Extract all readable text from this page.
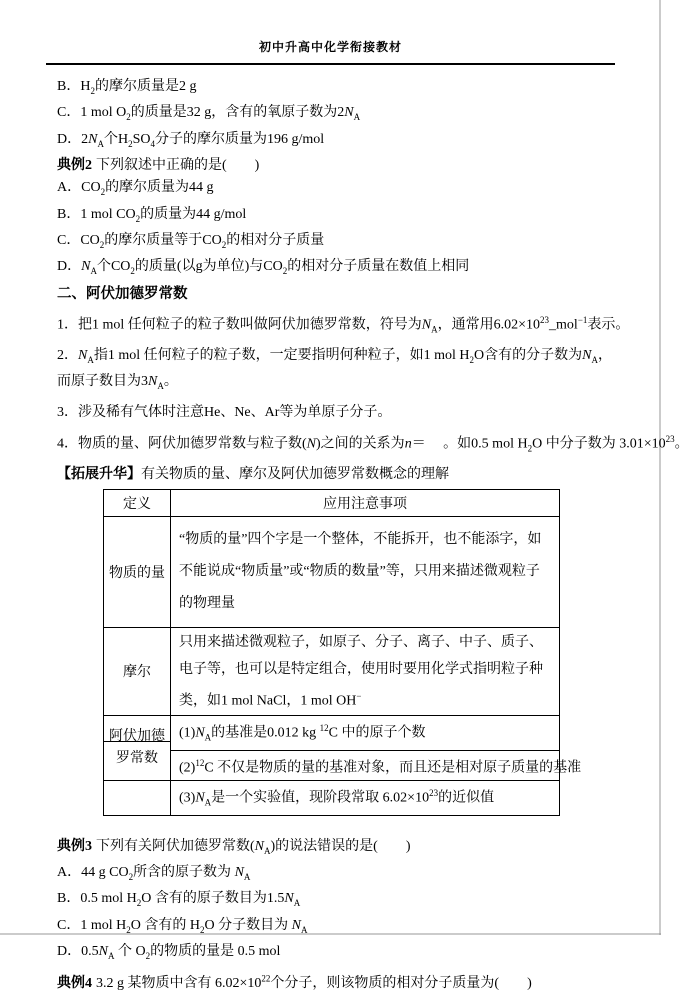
初中升高中化学衔接教材

B．$H_2$的摩尔质量是2 g

C．1 mol $O_2$的质量是32 g，含有的氧原子数为$2N_A$

D．$2N_A$个$H_2SO_4$分子的摩尔质量为196 g/mol

典例2 下列叙述中正确的是(　　)

A．$CO_2$的摩尔质量为44 g

B．1 mol $CO_2$的质量为44 g/mol

C．$CO_2$的摩尔质量等于$CO_2$的相对分子质量

D．$N_A$个$CO_2$的质量(以g为单位)与$CO_2$的相对分子质量在数值上相同

二、阿伏加德罗常数

1．把1 mol 任何粒子的粒子数叫做阿伏加德罗常数，符号为$N_A$，通常用$6.02\times 10^{23}\_mol^{-1}$表示。

2．$N_A$指1 mol 任何粒子的粒子数，一定要指明何种粒子，如1 mol $H_2O$含有的分子数为$N_A$，而原子数目为$3N_A$。

3．涉及稀有气体时注意He、Ne、Ar等为单原子分子。

4．物质的量、阿伏加德罗常数与粒子数(N)之间的关系为n＝　 。如0.5 mol $H_2O$ 中分子数为 $3.01\times 10^{23}$。

【拓展升华】有关物质的量、摩尔及阿伏加德罗常数概念的理解

定义	应用注意事项
物质的量	“物质的量”四个字是一个整体，不能拆开，也不能添字，如不能说成“物质量”或“物质的数量”等，只用来描述微观粒子的物理量
摩尔	只用来描述微观粒子，如原子、分子、离子、中子、质子、电子等，也可以是特定组合，使用时要用化学式指明粒子种类，如1 mol NaCl，1 mol OH−
阿伏加德罗常数	$(1)N_A$的基准是0.012 kg $^{12}$C 中的原子个数
	$(2)^{12}C$ 不仅是物质的量的基准对象，而且还是相对原子质量的基准
	$(3)N_A$是一个实验值，现阶段常取 $6.02\times 10^{23}$的近似值

典例3 下列有关阿伏加德罗常数$(N_A)$的说法错误的是(　　)

A．44 g $CO_2$所含的原子数为 $N_A$

B．0.5 mol $H_2O$ 含有的原子数目为$1.5N_A$

C．1 mol $H_2O$ 含有的 $H_2O$ 分子数目为 $N_A$

D．$0.5N_A$ 个 $O_2$的物质的量是 0.5 mol

典例4 3.2 g 某物质中含有 $6.02\times 10^{22}$个分子，则该物质的相对分子质量为(　　)
